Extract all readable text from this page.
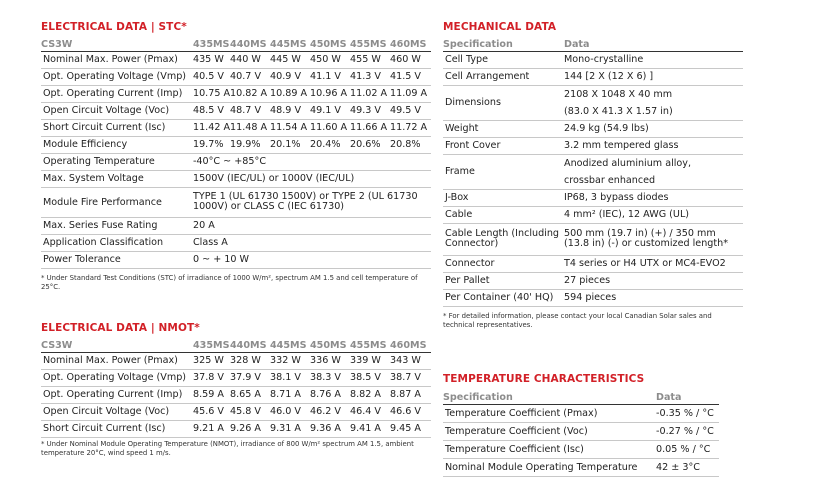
ELECTRICAL DATA | STC*
CS3W	435MS	440MS	445MS	450MS	455MS	460MS
Nominal Max. Power (Pmax)	435 W	440 W	445 W	450 W	455 W	460 W
Opt. Operating Voltage (Vmp)	40.5 V	40.7 V	40.9 V	41.1 V	41.3 V	41.5 V
Opt. Operating Current (Imp)	10.75 A	10.82 A	10.89 A	10.96 A	11.02 A	11.09 A
Open Circuit Voltage (Voc)	48.5 V	48.7 V	48.9 V	49.1 V	49.3 V	49.5 V
Short Circuit Current (Isc)	11.42 A	11.48 A	11.54 A	11.60 A	11.66 A	11.72 A
Module Efficiency	19.7%	19.9%	20.1%	20.4%	20.6%	20.8%
Operating Temperature	-40°C ~ +85°C					
Max. System Voltage	1500V (IEC/UL) or 1000V (IEC/UL)					
Module Fire Performance	TYPE 1 (UL 61730 1500V) or TYPE 2 (UL 61730 1000V) or CLASS C (IEC 61730)					
Max. Series Fuse Rating	20 A					
Application Classification	Class A					
Power Tolerance	0 ~ + 10 W					
* Under Standard Test Conditions (STC) of irradiance of 1000 W/m², spectrum AM 1.5 and cell temperature of 25°C.
ELECTRICAL DATA | NMOT*
CS3W	435MS	440MS	445MS	450MS	455MS	460MS
Nominal Max. Power (Pmax)	325 W	328 W	332 W	336 W	339 W	343 W
Opt. Operating Voltage (Vmp)	37.8 V	37.9 V	38.1 V	38.3 V	38.5 V	38.7 V
Opt. Operating Current (Imp)	8.59 A	8.65 A	8.71 A	8.76 A	8.82 A	8.87 A
Open Circuit Voltage (Voc)	45.6 V	45.8 V	46.0 V	46.2 V	46.4 V	46.6 V
Short Circuit Current (Isc)	9.21 A	9.26 A	9.31 A	9.36 A	9.41 A	9.45 A
* Under Nominal Module Operating Temperature (NMOT), irradiance of 800 W/m² spectrum AM 1.5, ambient temperature 20°C, wind speed 1 m/s.
MECHANICAL DATA
Specification	Data
Cell Type	Mono-crystalline
Cell Arrangement	144 [2 X (12 X 6) ]
Dimensions	2108 X 1048 X 40 mm
(83.0 X 41.3 X 1.57 in)

Weight	24.9 kg (54.9 lbs)
Front Cover	3.2 mm tempered glass
Frame	Anodized aluminium alloy,
crossbar enhanced

J-Box	IP68, 3 bypass diodes
Cable	4 mm² (IEC), 12 AWG (UL)
Cable Length (Including Connector)	500 mm (19.7 in) (+) / 350 mm (13.8 in) (-) or customized length*
Connector	T4 series or H4 UTX or MC4-EVO2
Per Pallet	27 pieces
Per Container (40' HQ)	594 pieces
* For detailed information, please contact your local Canadian Solar sales and technical representatives.
TEMPERATURE CHARACTERISTICS
Specification	Data
Temperature Coefficient (Pmax)	-0.35 % / °C
Temperature Coefficient (Voc)	-0.27 % / °C
Temperature Coefficient (Isc)	0.05 % / °C
Nominal Module Operating Temperature	42 ± 3°C
